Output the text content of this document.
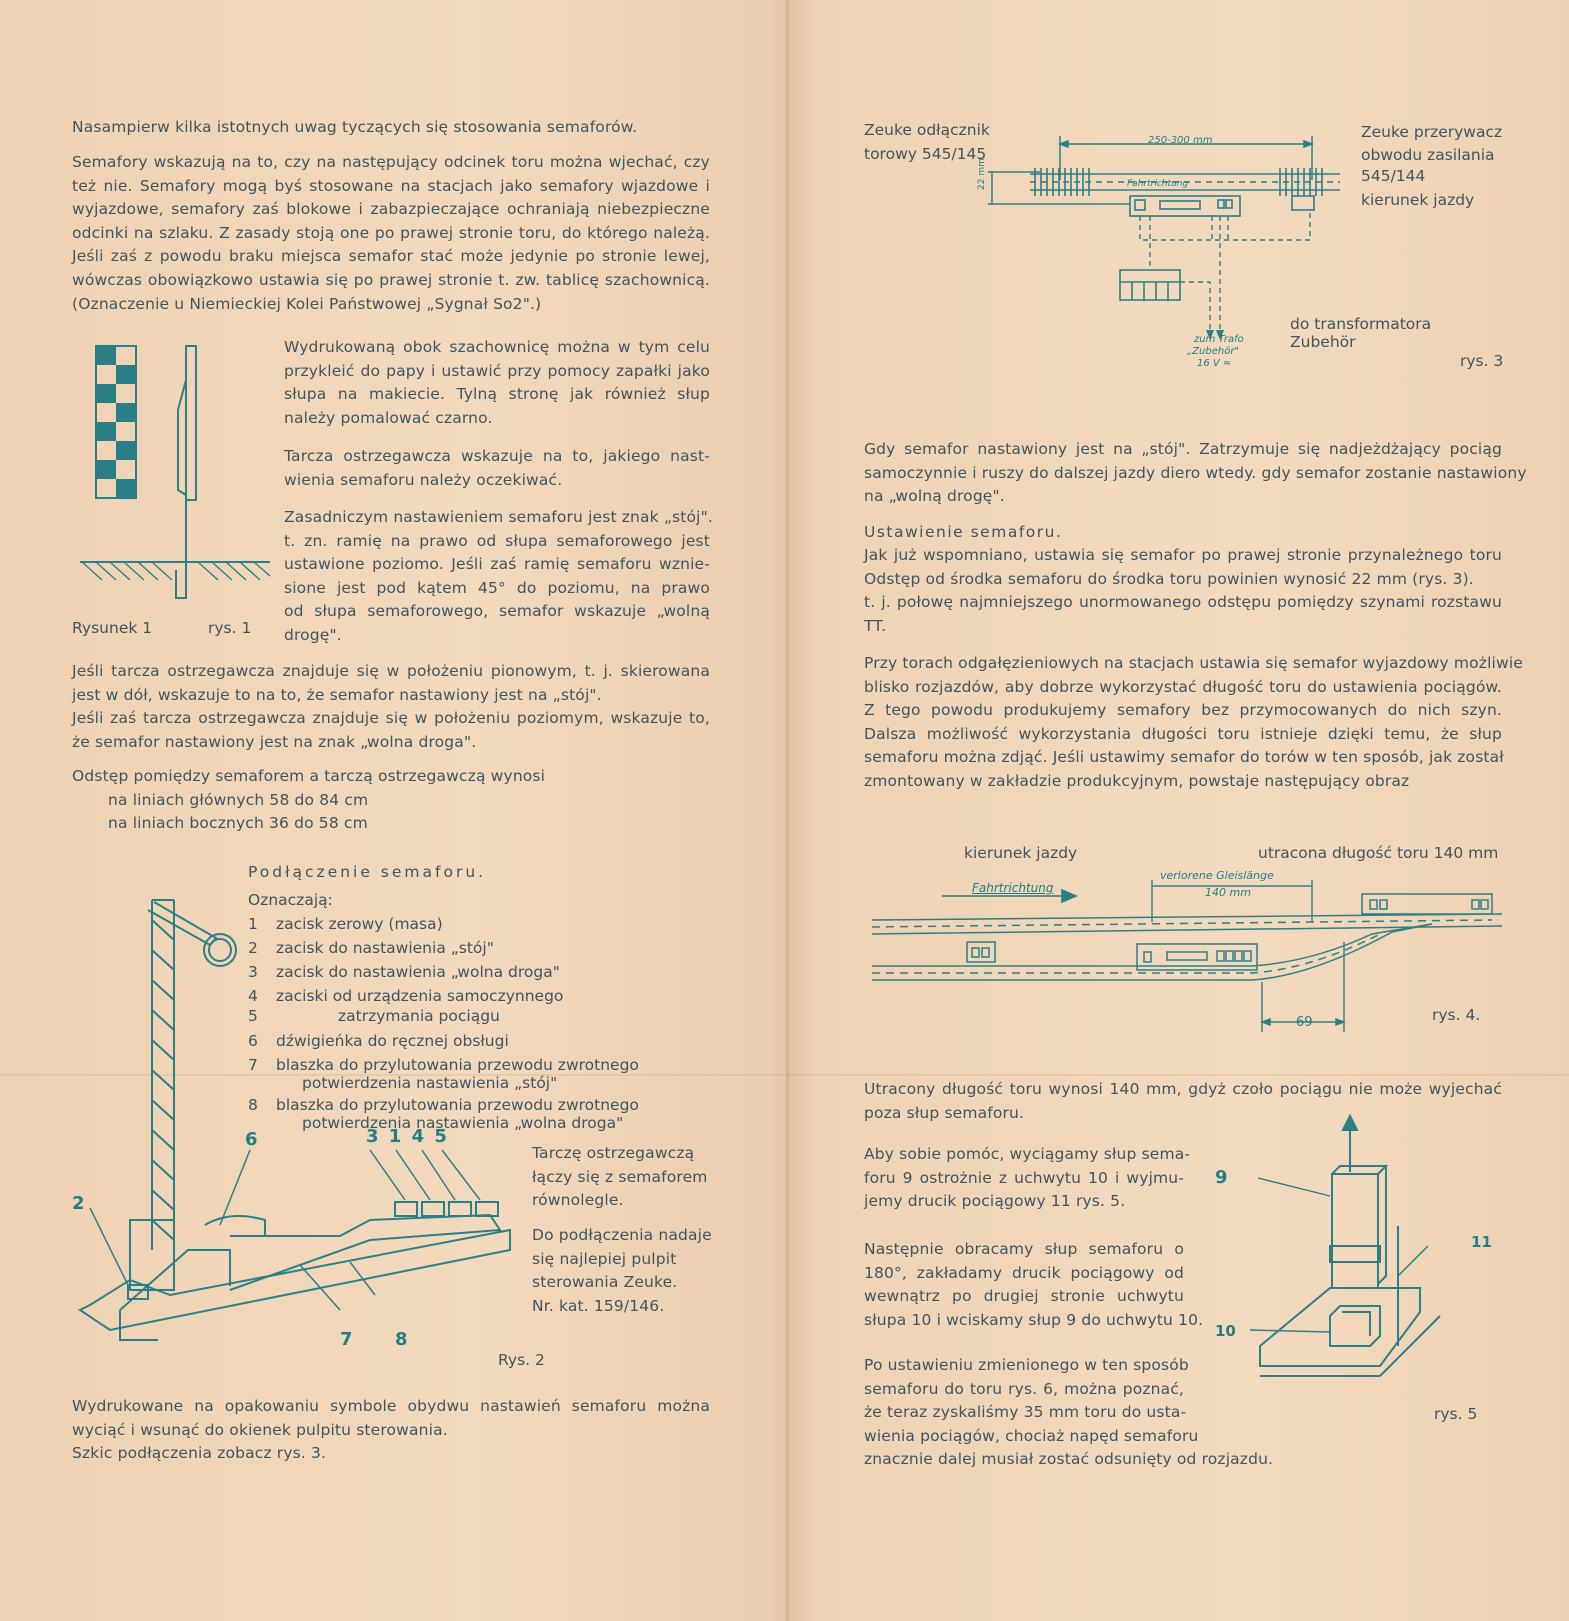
Nasampierw kilka istotnych uwag tyczących się stosowania semaforów.
Semafory wskazują na to, czy na następujący odcinek toru można wjechać, czy
też nie. Semafory mogą byś stosowane na stacjach jako semafory wjazdowe i
wyjazdowe, semafory zaś blokowe i zabazpieczające ochraniają niebezpieczne
odcinki na szlaku. Z zasady stoją one po prawej stronie toru, do którego należą.
Jeśli zaś z powodu braku miejsca semafor stać może jedynie po stronie lewej,
wówczas obowiązkowo ustawia się po prawej stronie t. zw. tablicę szachownicą.
(Oznaczenie u Niemieckiej Kolei Państwowej „Sygnał So2".)
Wydrukowaną obok szachownicę można w tym celu
przykleić do papy i ustawić przy pomocy zapałki jako
słupa na makiecie. Tylną stronę jak również słup
należy pomalować czarno.
Tarcza ostrzegawcza wskazuje na to, jakiego nast-
wienia semaforu należy oczekiwać.
Zasadniczym nastawieniem semaforu jest znak „stój".
t. zn. ramię na prawo od słupa semaforowego jest
ustawione poziomo. Jeśli zaś ramię semaforu wznie-
sione jest pod kątem 45° do poziomu, na prawo
od słupa semaforowego, semafor wskazuje „wolną
drogę".
Rysunek 1	rys. 1
Jeśli tarcza ostrzegawcza znajduje się w położeniu pionowym, t. j. skierowana
jest w dół, wskazuje to na to, że semafor nastawiony jest na „stój".
Jeśli zaś tarcza ostrzegawcza znajduje się w położeniu poziomym, wskazuje to,
że semafor nastawiony jest na znak „wolna droga".
Odstęp pomiędzy semaforem a tarczą ostrzegawczą wynosi
na liniach głównych 58 do 84 cm
na liniach bocznych 36 do 58 cm
Podłączenie semaforu.
Oznaczają:
1 zacisk zerowy (masa)
2 zacisk do nastawienia „stój"
3 zacisk do nastawienia „wolna droga"
4 zaciski od urządzenia samoczynnego
5	zatrzymania pociągu
6 dźwigieńka do ręcznej obsługi
7 blaszka do przylutowania przewodu zwrotnego
potwierdzenia nastawienia „stój"
8 blaszka do przylutowania przewodu zwrotnego
potwierdzenia nastawienia „wolna droga"
2
6	3 1 4 5
7 8
Tarczę ostrzegawczą
łączy się z semaforem
równolegle.
Do podłączenia nadaje
się najlepiej pulpit
sterowania Zeuke.
Nr. kat. 159/146.
Rys. 2
Wydrukowane na opakowaniu symbole obydwu nastawień semaforu można
wyciąć i wsunąć do okienek pulpitu sterowania.
Szkic podłączenia zobacz rys. 3.
Zeuke odłącznik
torowy 545/145
Zeuke przerywacz
obwodu zasilania
545/144
kierunek jazdy
250-300 mm
22 mm	Fahrtrichtung
zum Trafo
„Zubehör"
16 V ≈
do transformatora
Zubehör
rys. 3
Gdy semafor nastawiony jest na „stój". Zatrzymuje się nadjeżdżający pociąg
samoczynnie i ruszy do dalszej jazdy diero wtedy. gdy semafor zostanie nastawiony
na „wolną drogę".
Ustawienie semaforu.
Jak już wspomniano, ustawia się semafor po prawej stronie przynależnego toru
Odstęp od środka semaforu do środka toru powinien wynosić 22 mm (rys. 3).
t. j. połowę najmniejszego unormowanego odstępu pomiędzy szynami rozstawu
TT.
Przy torach odgałęzieniowych na stacjach ustawia się semafor wyjazdowy możliwie
blisko rozjazdów, aby dobrze wykorzystać długość toru do ustawienia pociągów.
Z tego powodu produkujemy semafory bez przymocowanych do nich szyn.
Dalsza możliwość wykorzystania długości toru istnieje dzięki temu, że słup
semaforu można zdjąć. Jeśli ustawimy semafor do torów w ten sposób, jak został
zmontowany w zakładzie produkcyjnym, powstaje następujący obraz
kierunek jazdy	utracona długość toru 140 mm
Fahrtrichtung
verlorene Gleislänge
140 mm
69	rys. 4.
Utracony długość toru wynosi 140 mm, gdyż czoło pociągu nie może wyjechać
poza słup semaforu.
Aby sobie pomóc, wyciągamy słup sema-
foru 9 ostrożnie z uchwytu 10 i wyjmu-
jemy drucik pociągowy 11 rys. 5.
Następnie obracamy słup semaforu o
180°, zakładamy drucik pociągowy od
wewnątrz po drugiej stronie uchwytu
słupa 10 i wciskamy słup 9 do uchwytu 10.
Po ustawieniu zmienionego w ten sposób
semaforu do toru rys. 6, można poznać,
że teraz zyskaliśmy 35 mm toru do usta-
wienia pociągów, chociaż napęd semaforu
znacznie dalej musiał zostać odsunięty od rozjazdu.
9
11
10
rys. 5
